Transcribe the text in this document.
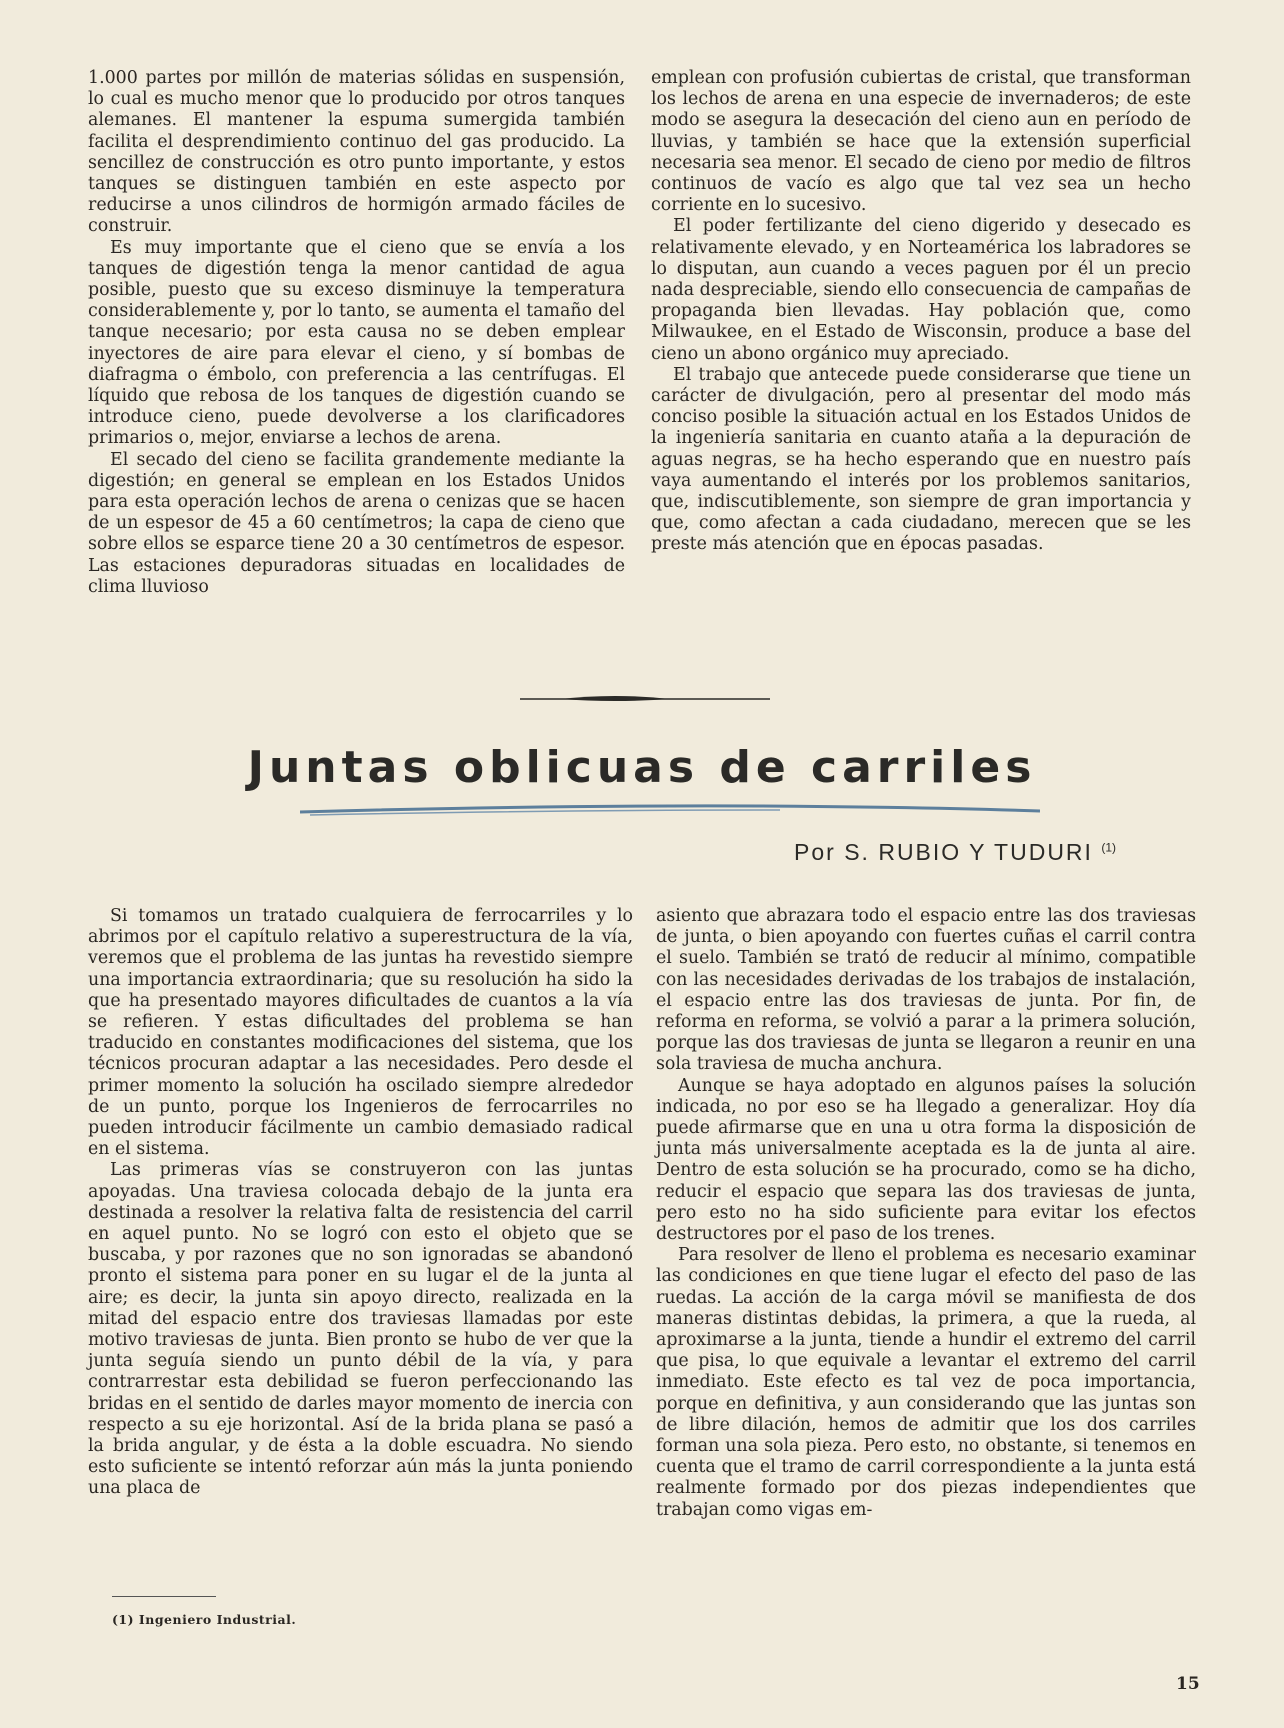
1.000 partes por millón de materias sólidas en suspensión, lo cual es mucho menor que lo producido por otros tanques alemanes. El mantener la espuma sumergida también facilita el desprendimiento continuo del gas producido. La sencillez de construcción es otro punto importante, y estos tanques se distinguen también en este aspecto por reducirse a unos cilindros de hormigón armado fáciles de construir.

Es muy importante que el cieno que se envía a los tanques de digestión tenga la menor cantidad de agua posible, puesto que su exceso disminuye la temperatura considerablemente y, por lo tanto, se aumenta el tamaño del tanque necesario; por esta causa no se deben emplear inyectores de aire para elevar el cieno, y sí bombas de diafragma o émbolo, con preferencia a las centrífugas. El líquido que rebosa de los tanques de digestión cuando se introduce cieno, puede devolverse a los clarificadores primarios o, mejor, enviarse a lechos de arena.

El secado del cieno se facilita grandemente mediante la digestión; en general se emplean en los Estados Unidos para esta operación lechos de arena o cenizas que se hacen de un espesor de 45 a 60 centímetros; la capa de cieno que sobre ellos se esparce tiene 20 a 30 centímetros de espesor. Las estaciones depuradoras situadas en localidades de clima lluvioso

emplean con profusión cubiertas de cristal, que transforman los lechos de arena en una especie de invernaderos; de este modo se asegura la desecación del cieno aun en período de lluvias, y también se hace que la extensión superficial necesaria sea menor. El secado de cieno por medio de filtros continuos de vacío es algo que tal vez sea un hecho corriente en lo sucesivo.

El poder fertilizante del cieno digerido y desecado es relativamente elevado, y en Norteamérica los labradores se lo disputan, aun cuando a veces paguen por él un precio nada despreciable, siendo ello consecuencia de campañas de propaganda bien llevadas. Hay población que, como Milwaukee, en el Estado de Wisconsin, produce a base del cieno un abono orgánico muy apreciado.

El trabajo que antecede puede considerarse que tiene un carácter de divulgación, pero al presentar del modo más conciso posible la situación actual en los Estados Unidos de la ingeniería sanitaria en cuanto ataña a la depuración de aguas negras, se ha hecho esperando que en nuestro país vaya aumentando el interés por los problemos sanitarios, que, indiscutiblemente, son siempre de gran importancia y que, como afectan a cada ciudadano, merecen que se les preste más atención que en épocas pasadas.

Juntas oblicuas de carriles
Por S. RUBIO Y TUDURI $^{(1)}$

Si tomamos un tratado cualquiera de ferrocarriles y lo abrimos por el capítulo relativo a superestructura de la vía, veremos que el problema de las juntas ha revestido siempre una importancia extraordinaria; que su resolución ha sido la que ha presentado mayores dificultades de cuantos a la vía se refieren. Y estas dificultades del problema se han traducido en constantes modificaciones del sistema, que los técnicos procuran adaptar a las necesidades. Pero desde el primer momento la solución ha oscilado siempre alrededor de un punto, porque los Ingenieros de ferrocarriles no pueden introducir fácilmente un cambio demasiado radical en el sistema.

Las primeras vías se construyeron con las juntas apoyadas. Una traviesa colocada debajo de la junta era destinada a resolver la relativa falta de resistencia del carril en aquel punto. No se logró con esto el objeto que se buscaba, y por razones que no son ignoradas se abandonó pronto el sistema para poner en su lugar el de la junta al aire; es decir, la junta sin apoyo directo, realizada en la mitad del espacio entre dos traviesas llamadas por este motivo traviesas de junta. Bien pronto se hubo de ver que la junta seguía siendo un punto débil de la vía, y para contrarrestar esta debilidad se fueron perfeccionando las bridas en el sentido de darles mayor momento de inercia con respecto a su eje horizontal. Así de la brida plana se pasó a la brida angular, y de ésta a la doble escuadra. No siendo esto suficiente se intentó reforzar aún más la junta poniendo una placa de

asiento que abrazara todo el espacio entre las dos traviesas de junta, o bien apoyando con fuertes cuñas el carril contra el suelo. También se trató de reducir al mínimo, compatible con las necesidades derivadas de los trabajos de instalación, el espacio entre las dos traviesas de junta. Por fin, de reforma en reforma, se volvió a parar a la primera solución, porque las dos traviesas de junta se llegaron a reunir en una sola traviesa de mucha anchura.

Aunque se haya adoptado en algunos países la solución indicada, no por eso se ha llegado a generalizar. Hoy día puede afirmarse que en una u otra forma la disposición de junta más universalmente aceptada es la de junta al aire. Dentro de esta solución se ha procurado, como se ha dicho, reducir el espacio que separa las dos traviesas de junta, pero esto no ha sido suficiente para evitar los efectos destructores por el paso de los trenes.

Para resolver de lleno el problema es necesario examinar las condiciones en que tiene lugar el efecto del paso de las ruedas. La acción de la carga móvil se manifiesta de dos maneras distintas debidas, la primera, a que la rueda, al aproximarse a la junta, tiende a hundir el extremo del carril que pisa, lo que equivale a levantar el extremo del carril inmediato. Este efecto es tal vez de poca importancia, porque en definitiva, y aun considerando que las juntas son de libre dilación, hemos de admitir que los dos carriles forman una sola pieza. Pero esto, no obstante, si tenemos en cuenta que el tramo de carril correspondiente a la junta está realmente formado por dos piezas independientes que trabajan como vigas em-

(1) Ingeniero Industrial.
15
